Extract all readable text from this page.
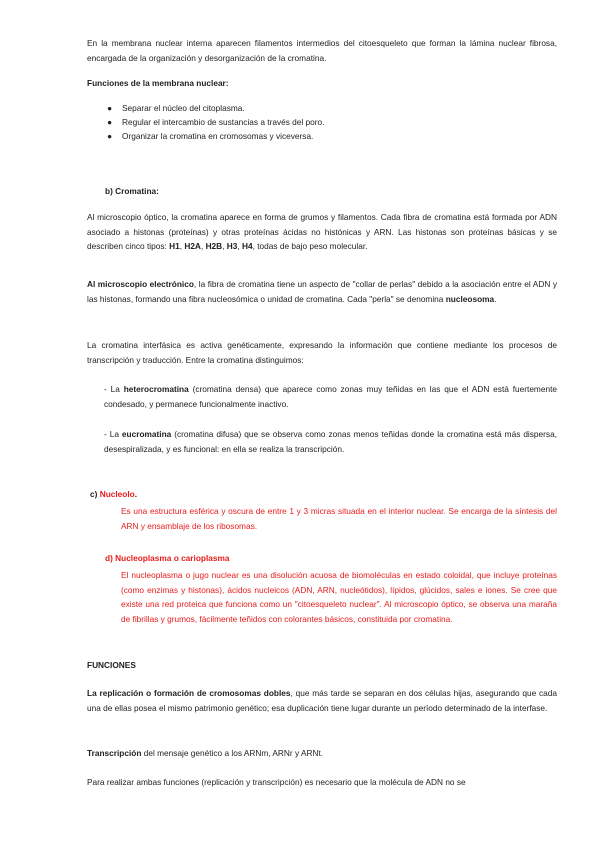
En la membrana nuclear interna aparecen filamentos intermedios del citoesqueleto que forman la lámina nuclear fibrosa, encargada de la organización y desorganización de la cromatina.

Funciones de la membrana nuclear:
● Separar el núcleo del citoplasma.
● Regular el intercambio de sustancias a través del poro.
● Organizar la cromatina en cromosomas y viceversa.
b) Cromatina:

Al microscopio óptico, la cromatina aparece en forma de grumos y filamentos. Cada fibra de cromatina está formada por ADN asociado a histonas (proteínas) y otras proteínas ácidas no histónicas y ARN. Las histonas son proteínas básicas y se describen cinco tipos: H1, H2A, H2B, H3, H4, todas de bajo peso molecular.

Al microscopio electrónico, la fibra de cromatina tiene un aspecto de "collar de perlas" debido a la asociación entre el ADN y las histonas, formando una fibra nucleosómica o unidad de cromatina. Cada "perla" se denomina nucleosoma.

La cromatina interfásica es activa genéticamente, expresando la información que contiene mediante los procesos de transcripción y traducción. Entre la cromatina distinguimos:

- La heterocromatina (cromatina densa) que aparece como zonas muy teñidas en las que el ADN está fuertemente condesado, y permanece funcionalmente inactivo.

- La eucromatina (cromatina difusa) que se observa como zonas menos teñidas donde la cromatina está más dispersa, desespiralizada, y es funcional: en ella se realiza la transcripción.

c) Nucleolo.

Es una estructura esférica y oscura de entre 1 y 3 micras situada en el interior nuclear. Se encarga de la síntesis del ARN y ensamblaje de los ribosomas.

d) Nucleoplasma o carioplasma

El nucleoplasma o jugo nuclear es una disolución acuosa de biomoléculas en estado coloidal, que incluye proteínas (como enzimas y histonas), ácidos nucleicos (ADN, ARN, nucleótidos), lípidos, glúcidos, sales e iones. Se cree que existe una red proteica que funciona como un "citoesqueleto nuclear". Al microscopio óptico, se observa una maraña de fibrillas y grumos, fácilmente teñidos con colorantes básicos, constituida por cromatina.

FUNCIONES

La replicación o formación de cromosomas dobles, que más tarde se separan en dos células hijas, asegurando que cada una de ellas posea el mismo patrimonio genético; esa duplicación tiene lugar durante un período determinado de la interfase.

Transcripción del mensaje genético a los ARNm, ARNr y ARNt.

Para realizar ambas funciones (replicación y transcripción) es necesario que la molécula de ADN no se
